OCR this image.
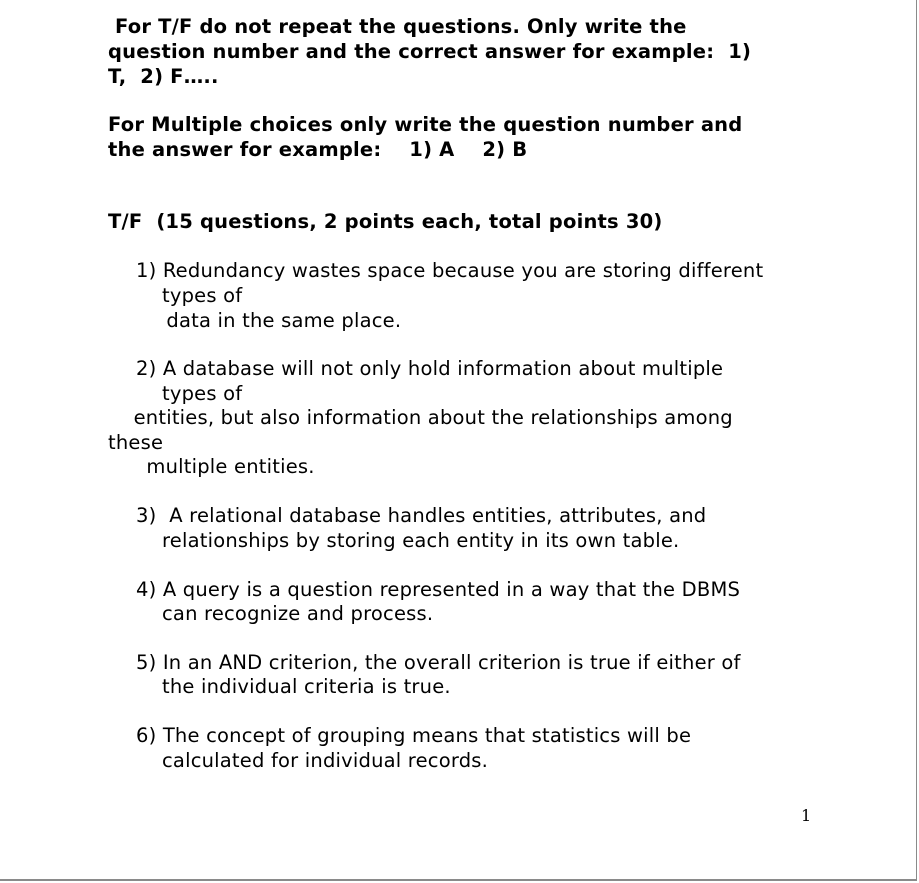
For T/F do not repeat the questions. Only write the
question number and the correct answer for example:  1)
T,  2) F…..
For Multiple choices only write the question number and
the answer for example:    1) A    2) B
T/F  (15 questions, 2 points each, total points 30)
1) Redundancy wastes space because you are storing different
types of
data in the same place.
2) A database will not only hold information about multiple
types of
entities, but also information about the relationships among
these
multiple entities.
3)  A relational database handles entities, attributes, and
relationships by storing each entity in its own table.
4) A query is a question represented in a way that the DBMS
can recognize and process.
5) In an AND criterion, the overall criterion is true if either of
the individual criteria is true.
6) The concept of grouping means that statistics will be
calculated for individual records.
1
